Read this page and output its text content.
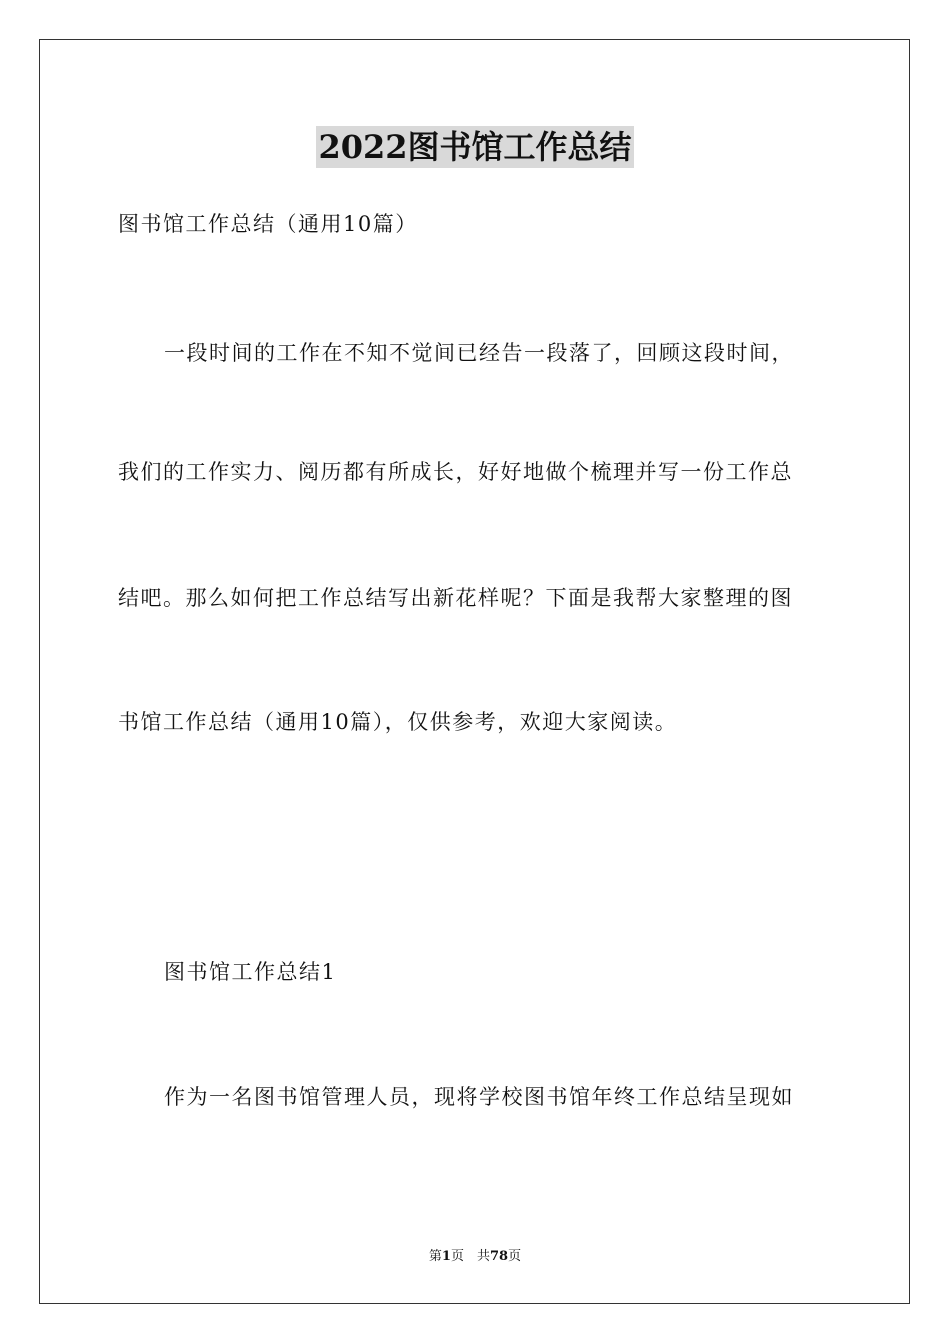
2022图书馆工作总结
图书馆工作总结（通用10篇）
一段时间的工作在不知不觉间已经告一段落了，回顾这段时间，
我们的工作实力、阅历都有所成长，好好地做个梳理并写一份工作总
结吧。那么如何把工作总结写出新花样呢？下面是我帮大家整理的图
书馆工作总结（通用10篇），仅供参考，欢迎大家阅读。
图书馆工作总结1
作为一名图书馆管理人员，现将学校图书馆年终工作总结呈现如
第1页　共78页
